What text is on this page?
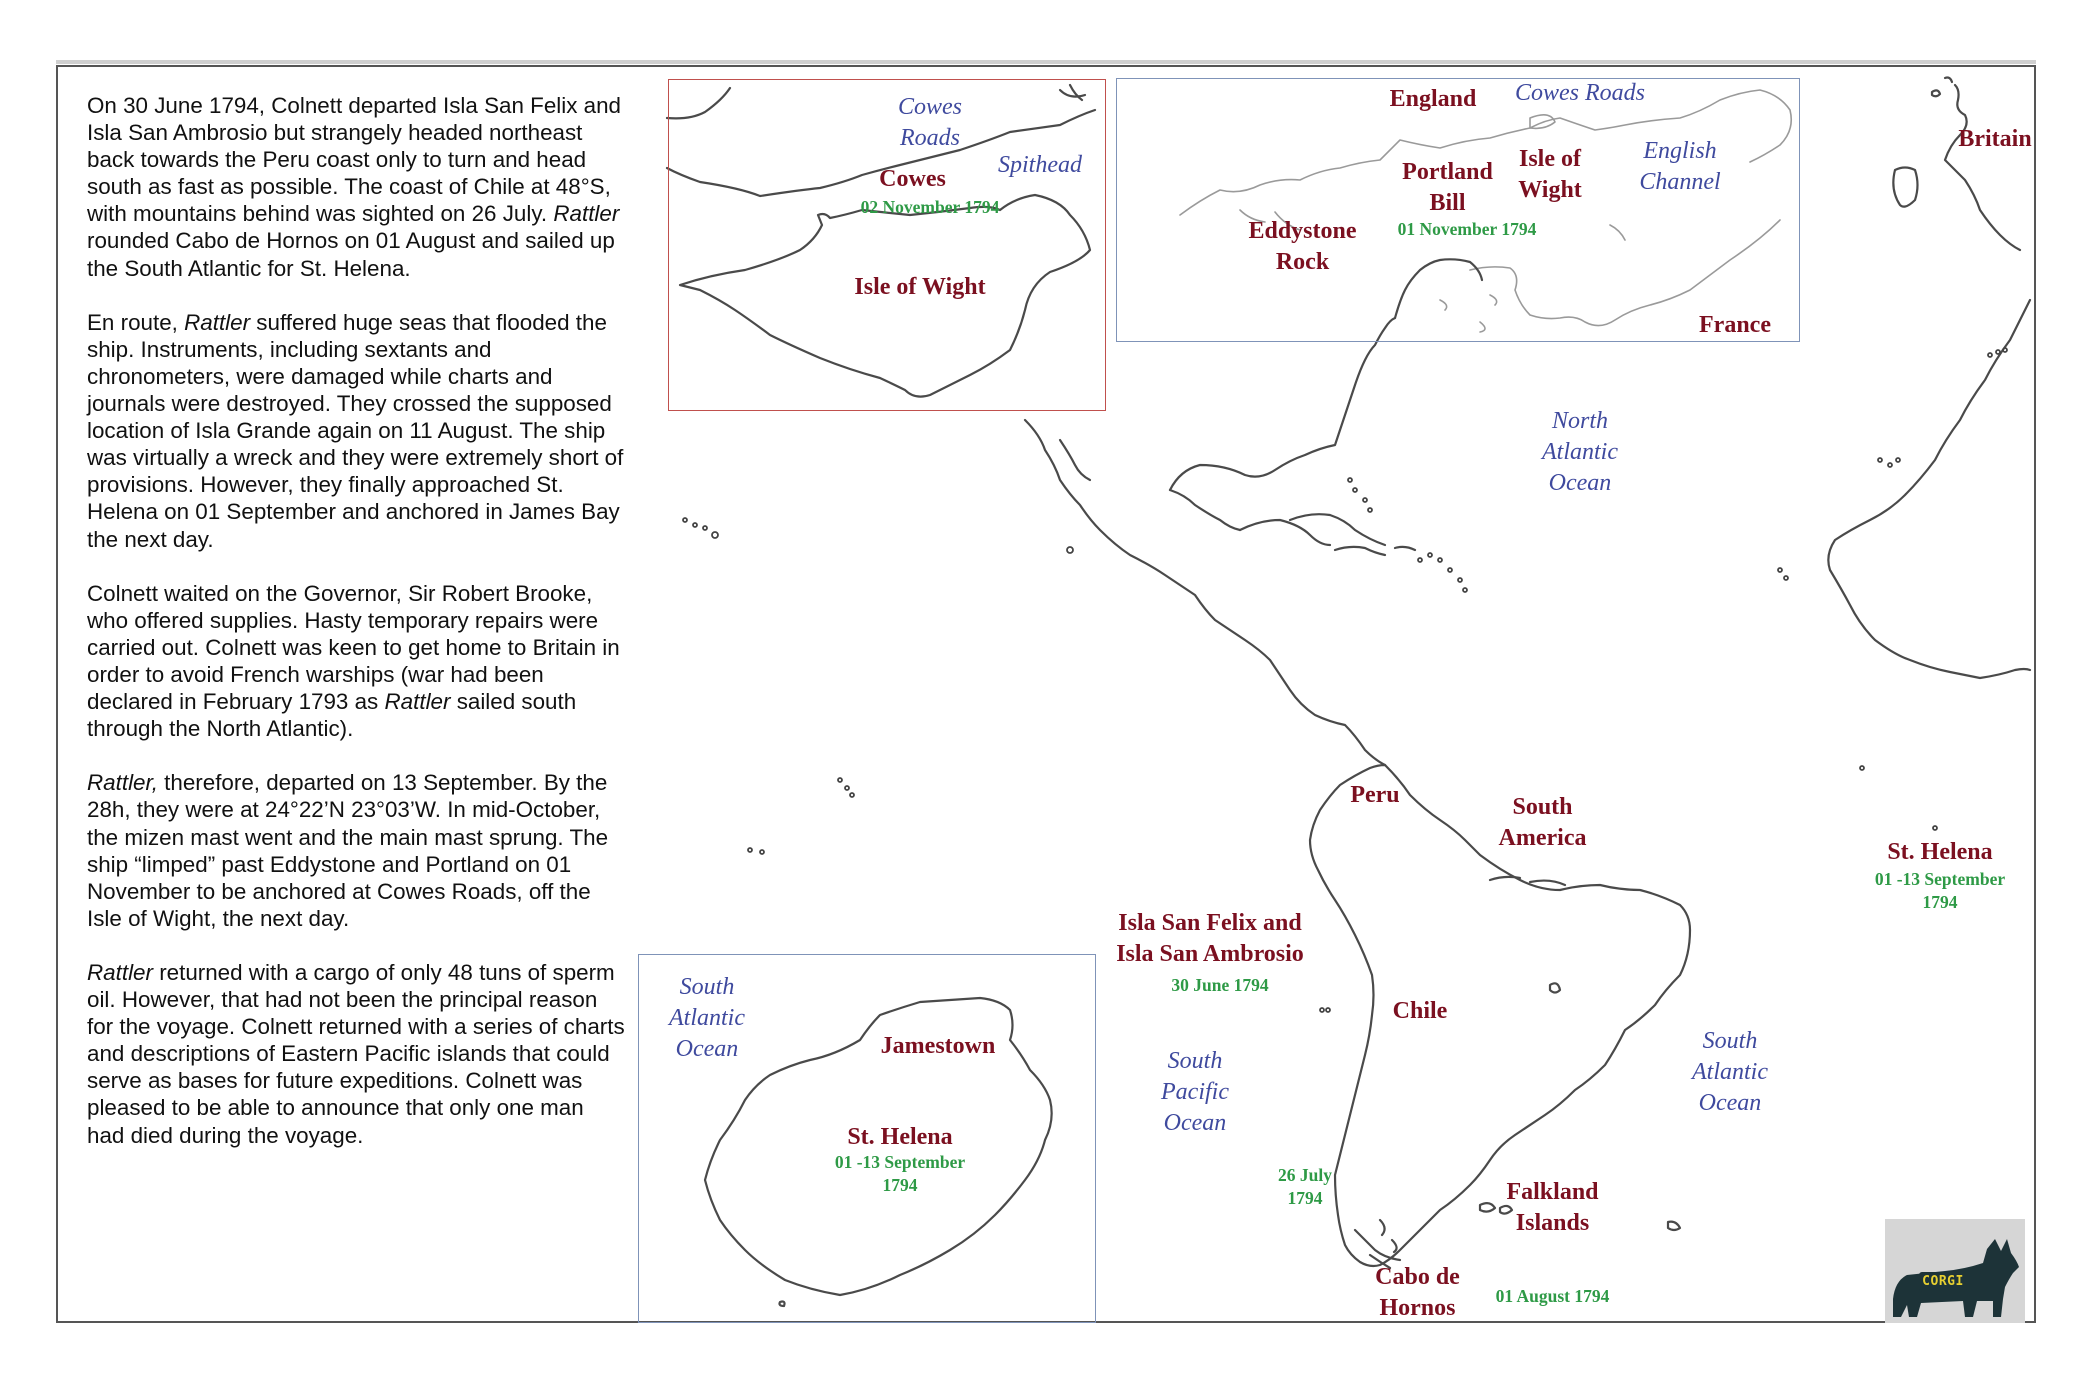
On 30 June 1794, Colnett departed Isla San Felix and Isla San Ambrosio but strangely headed northeast back towards the Peru coast only to turn and head south as fast as possible. The coast of Chile at 48°S, with mountains behind was sighted on 26 July. Rattler rounded Cabo de Hornos on 01 August and sailed up the South Atlantic for St. Helena.

En route, Rattler suffered huge seas that flooded the ship. Instruments, including sextants and chronometers, were damaged while charts and journals were destroyed. They crossed the supposed location of Isla Grande again on 11 August. The ship was virtually a wreck and they were extremely short of provisions. However, they finally approached St. Helena on 01 September and anchored in James Bay the next day.

Colnett waited on the Governor, Sir Robert Brooke, who offered supplies. Hasty temporary repairs were carried out. Colnett was keen to get home to Britain in order to avoid French warships (war had been declared in February 1793 as Rattler sailed south through the North Atlantic).

Rattler, therefore, departed on 13 September. By the 28h, they were at 24°22’N 23°03’W. In mid-October, the mizen mast went and the main mast sprung. The ship “limped” past Eddystone and Portland on 01 November to be anchored at Cowes Roads, off the Isle of Wight, the next day.

Rattler returned with a cargo of only 48 tuns of sperm oil. However, that had not been the principal reason for the voyage. Colnett returned with a series of charts and descriptions of Eastern Pacific islands that could serve as bases for future expeditions. Colnett was pleased to be able to announce that only one man had died during the voyage.

Cowes
Roads
Spithead
Cowes
02 November 1794
Isle of Wight
England	Cowes Roads
Portland
Bill
Isle of
Wight
English
Channel
Eddystone
Rock
01 November 1794
France
South
Atlantic
Ocean	Jamestown
St. Helena
01 -13 September
1794
Britain
North
Atlantic
Ocean
Peru	South
America
St. Helena
01 -13 September
1794
Isla San Felix and
Isla San Ambrosio
30 June 1794
Chile
South
Pacific
Ocean
South
Atlantic
Ocean
26 July
1794	Falkland
Islands
Cabo de
Hornos	01 August 1794
CORGI
